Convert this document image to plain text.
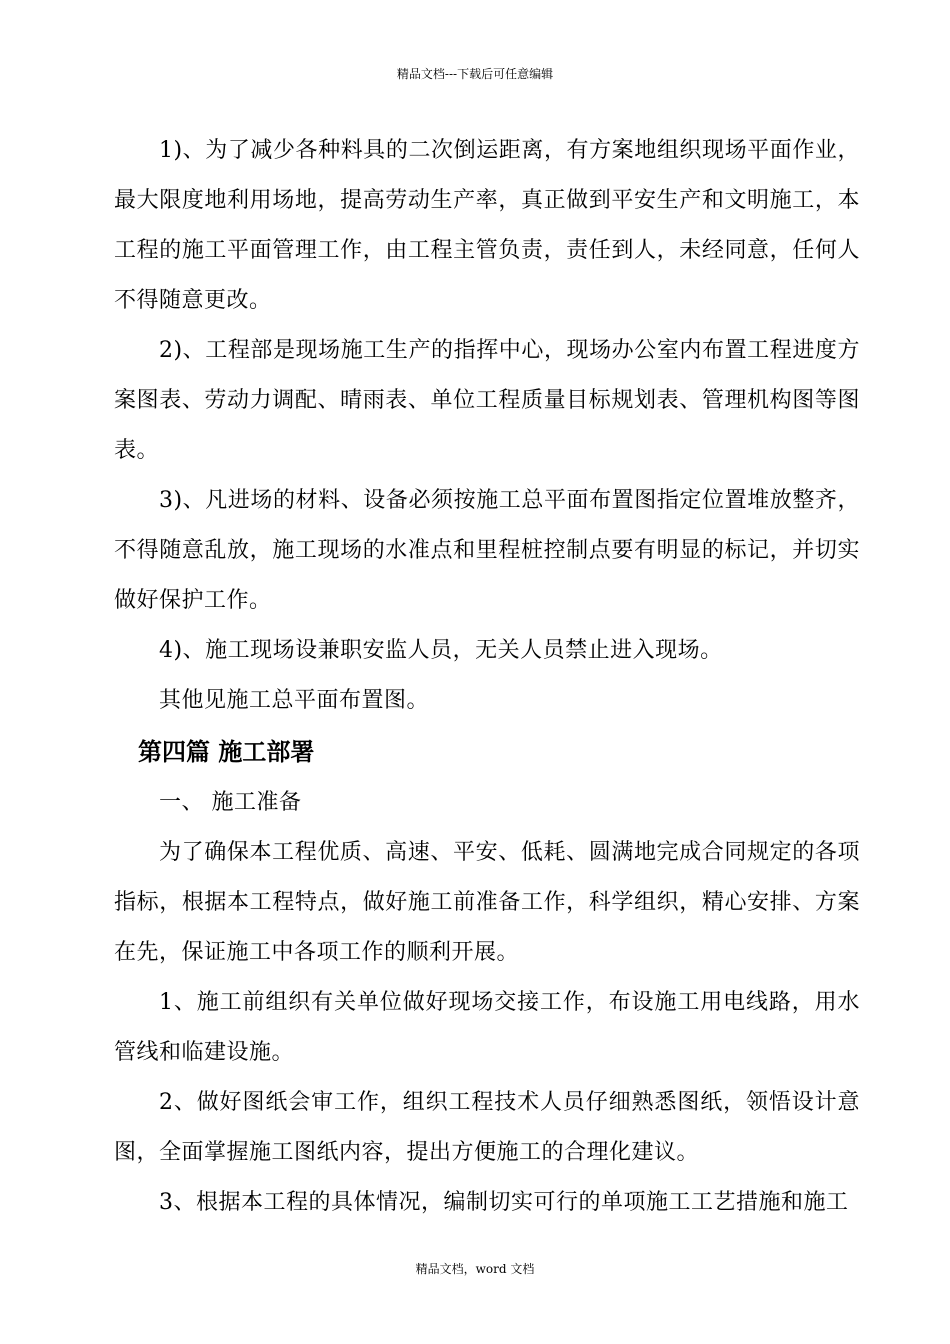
精品文档---下载后可任意编辑

1)、为了减少各种料具的二次倒运距离，有方案地组织现场平面作业，最大限度地利用场地，提高劳动生产率，真正做到平安生产和文明施工，本工程的施工平面管理工作，由工程主管负责，责任到人，未经同意，任何人不得随意更改。

2)、工程部是现场施工生产的指挥中心，现场办公室内布置工程进度方案图表、劳动力调配、晴雨表、单位工程质量目标规划表、管理机构图等图表。

3)、凡进场的材料、设备必须按施工总平面布置图指定位置堆放整齐，不得随意乱放，施工现场的水准点和里程桩控制点要有明显的标记，并切实做好保护工作。

4)、施工现场设兼职安监人员，无关人员禁止进入现场。

其他见施工总平面布置图。

第四篇 施工部署

一、 施工准备

为了确保本工程优质、高速、平安、低耗、圆满地完成合同规定的各项指标，根据本工程特点，做好施工前准备工作，科学组织，精心安排、方案在先，保证施工中各项工作的顺利开展。

1、施工前组织有关单位做好现场交接工作，布设施工用电线路，用水管线和临建设施。

2、做好图纸会审工作，组织工程技术人员仔细熟悉图纸，领悟设计意图，全面掌握施工图纸内容，提出方便施工的合理化建议。

3、根据本工程的具体情况，编制切实可行的单项施工工艺措施和施工

精品文档，word 文档
